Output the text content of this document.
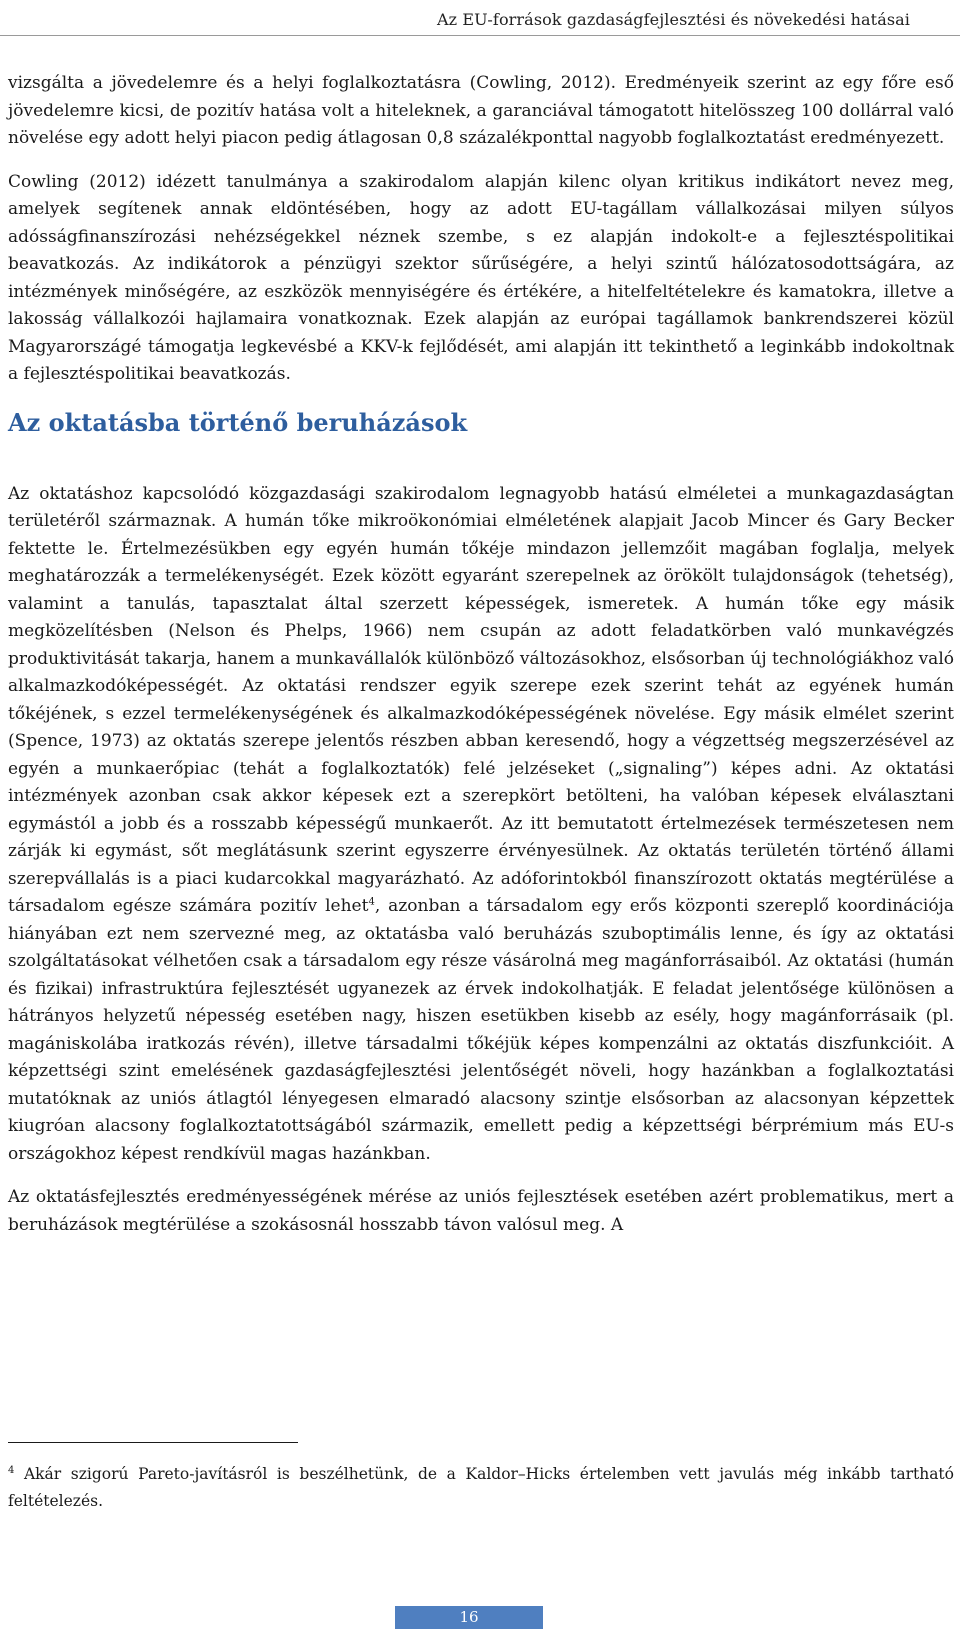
Az EU-források gazdaságfejlesztési és növekedési hatásai

vizsgálta a jövedelemre és a helyi foglalkoztatásra (Cowling, 2012). Eredményeik szerint az egy főre eső jövedelemre kicsi, de pozitív hatása volt a hiteleknek, a garanciával támogatott hitelösszeg 100 dollárral való növelése egy adott helyi piacon pedig átlagosan 0,8 százalékponttal nagyobb foglalkoztatást eredményezett.

Cowling (2012) idézett tanulmánya a szakirodalom alapján kilenc olyan kritikus indikátort nevez meg, amelyek segítenek annak eldöntésében, hogy az adott EU-tagállam vállalkozásai milyen súlyos adósságfinanszírozási nehézségekkel néznek szembe, s ez alapján indokolt-e a fejlesztéspolitikai beavatkozás. Az indikátorok a pénzügyi szektor sűrűségére, a helyi szintű hálózatosodottságára, az intézmények minőségére, az eszközök mennyiségére és értékére, a hitelfeltételekre és kamatokra, illetve a lakosság vállalkozói hajlamaira vonatkoznak. Ezek alapján az európai tagállamok bankrendszerei közül Magyarországé támogatja legkevésbé a KKV-k fejlődését, ami alapján itt tekinthető a leginkább indokoltnak a fejlesztéspolitikai beavatkozás.

Az oktatásba történő beruházások

Az oktatáshoz kapcsolódó közgazdasági szakirodalom legnagyobb hatású elméletei a munkagazdaságtan területéről származnak. A humán tőke mikroökonómiai elméletének alapjait Jacob Mincer és Gary Becker fektette le. Értelmezésükben egy egyén humán tőkéje mindazon jellemzőit magában foglalja, melyek meghatározzák a termelékenységét. Ezek között egyaránt szerepelnek az örökölt tulajdonságok (tehetség), valamint a tanulás, tapasztalat által szerzett képességek, ismeretek. A humán tőke egy másik megközelítésben (Nelson és Phelps, 1966) nem csupán az adott feladatkörben való munkavégzés produktivitását takarja, hanem a munkavállalók különböző változásokhoz, elsősorban új technológiákhoz való alkalmazkodóképességét. Az oktatási rendszer egyik szerepe ezek szerint tehát az egyének humán tőkéjének, s ezzel termelékenységének és alkalmazkodóképességének növelése. Egy másik elmélet szerint (Spence, 1973) az oktatás szerepe jelentős részben abban keresendő, hogy a végzettség megszerzésével az egyén a munkaerőpiac (tehát a foglalkoztatók) felé jelzéseket („signaling”) képes adni. Az oktatási intézmények azonban csak akkor képesek ezt a szerepkört betölteni, ha valóban képesek elválasztani egymástól a jobb és a rosszabb képességű munkaerőt. Az itt bemutatott értelmezések természetesen nem zárják ki egymást, sőt meglátásunk szerint egyszerre érvényesülnek. Az oktatás területén történő állami szerepvállalás is a piaci kudarcokkal magyarázható. Az adóforintokból finanszírozott oktatás megtérülése a társadalom egésze számára pozitív lehet$^4$, azonban a társadalom egy erős központi szereplő koordinációja hiányában ezt nem szervezné meg, az oktatásba való beruházás szuboptimális lenne, és így az oktatási szolgáltatásokat vélhetően csak a társadalom egy része vásárolná meg magánforrásaiból. Az oktatási (humán és fizikai) infrastruktúra fejlesztését ugyanezek az érvek indokolhatják. E feladat jelentősége különösen a hátrányos helyzetű népesség esetében nagy, hiszen esetükben kisebb az esély, hogy magánforrásaik (pl. magániskolába iratkozás révén), illetve társadalmi tőkéjük képes kompenzálni az oktatás diszfunkcióit. A képzettségi szint emelésének gazdaságfejlesztési jelentőségét növeli, hogy hazánkban a foglalkoztatási mutatóknak az uniós átlagtól lényegesen elmaradó alacsony szintje elsősorban az alacsonyan képzettek kiugróan alacsony foglalkoztatottságából származik, emellett pedig a képzettségi bérprémium más EU-s országokhoz képest rendkívül magas hazánkban.

Az oktatásfejlesztés eredményességének mérése az uniós fejlesztések esetében azért problematikus, mert a beruházások megtérülése a szokásosnál hosszabb távon valósul meg. A

$^4$ Akár szigorú Pareto-javításról is beszélhetünk, de a Kaldor–Hicks értelemben vett javulás még inkább tartható feltételezés.

16
